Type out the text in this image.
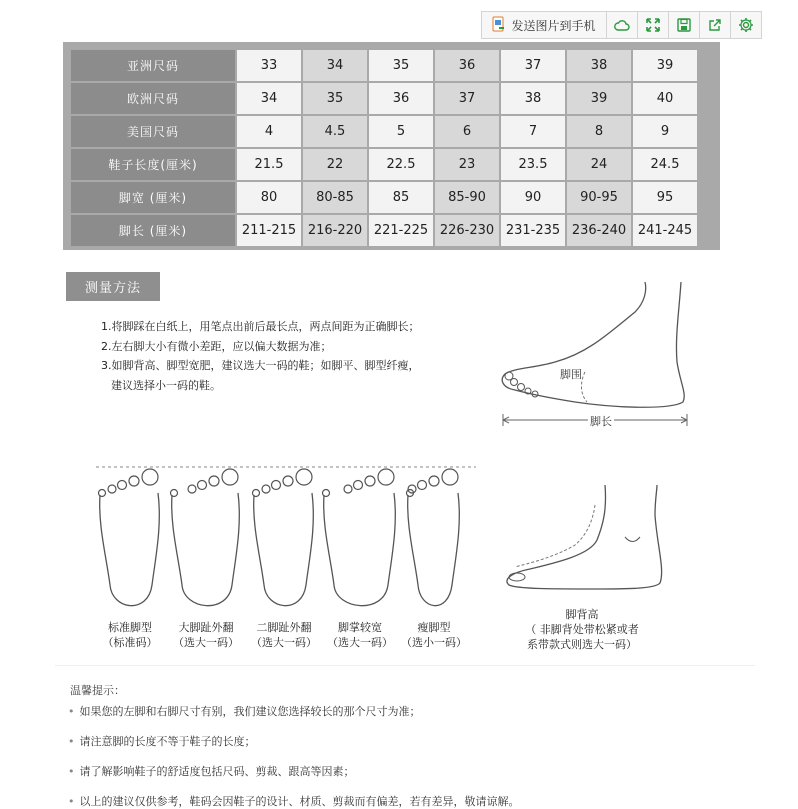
发送图片到手机
亚洲尺码	33	34	35	36	37	38	39
欧洲尺码	34	35	36	37	38	39	40
美国尺码	4	4.5	5	6	7	8	9
鞋子长度(厘米)	21.5	22	22.5	23	23.5	24	24.5
脚宽 (厘米)	80	80-85	85	85-90	90	90-95	95
脚长 (厘米)	211-215	216-220	221-225	226-230	231-235	236-240	241-245
测量方法
1.将脚踩在白纸上，用笔点出前后最长点，两点间距为正确脚长；
2.左右脚大小有微小差距，应以偏大数据为准；
3.如脚背高、脚型宽肥，建议选大一码的鞋；如脚平、脚型纤瘦，
建议选择小一码的鞋。
脚围
脚长
标准脚型
（标准码）
大脚趾外翻
（选大一码）
二脚趾外翻
（选大一码）
脚掌较宽
（选大一码）
瘦脚型
（选小一码）
脚背高
（ 非脚背处带松紧或者
系带款式则选大一码）
温馨提示：
• 如果您的左脚和右脚尺寸有别，我们建议您选择较长的那个尺寸为准；
• 请注意脚的长度不等于鞋子的长度；
• 请了解影响鞋子的舒适度包括尺码、剪裁、跟高等因素；
• 以上的建议仅供参考，鞋码会因鞋子的设计、材质、剪裁而有偏差，若有差异，敬请谅解。
